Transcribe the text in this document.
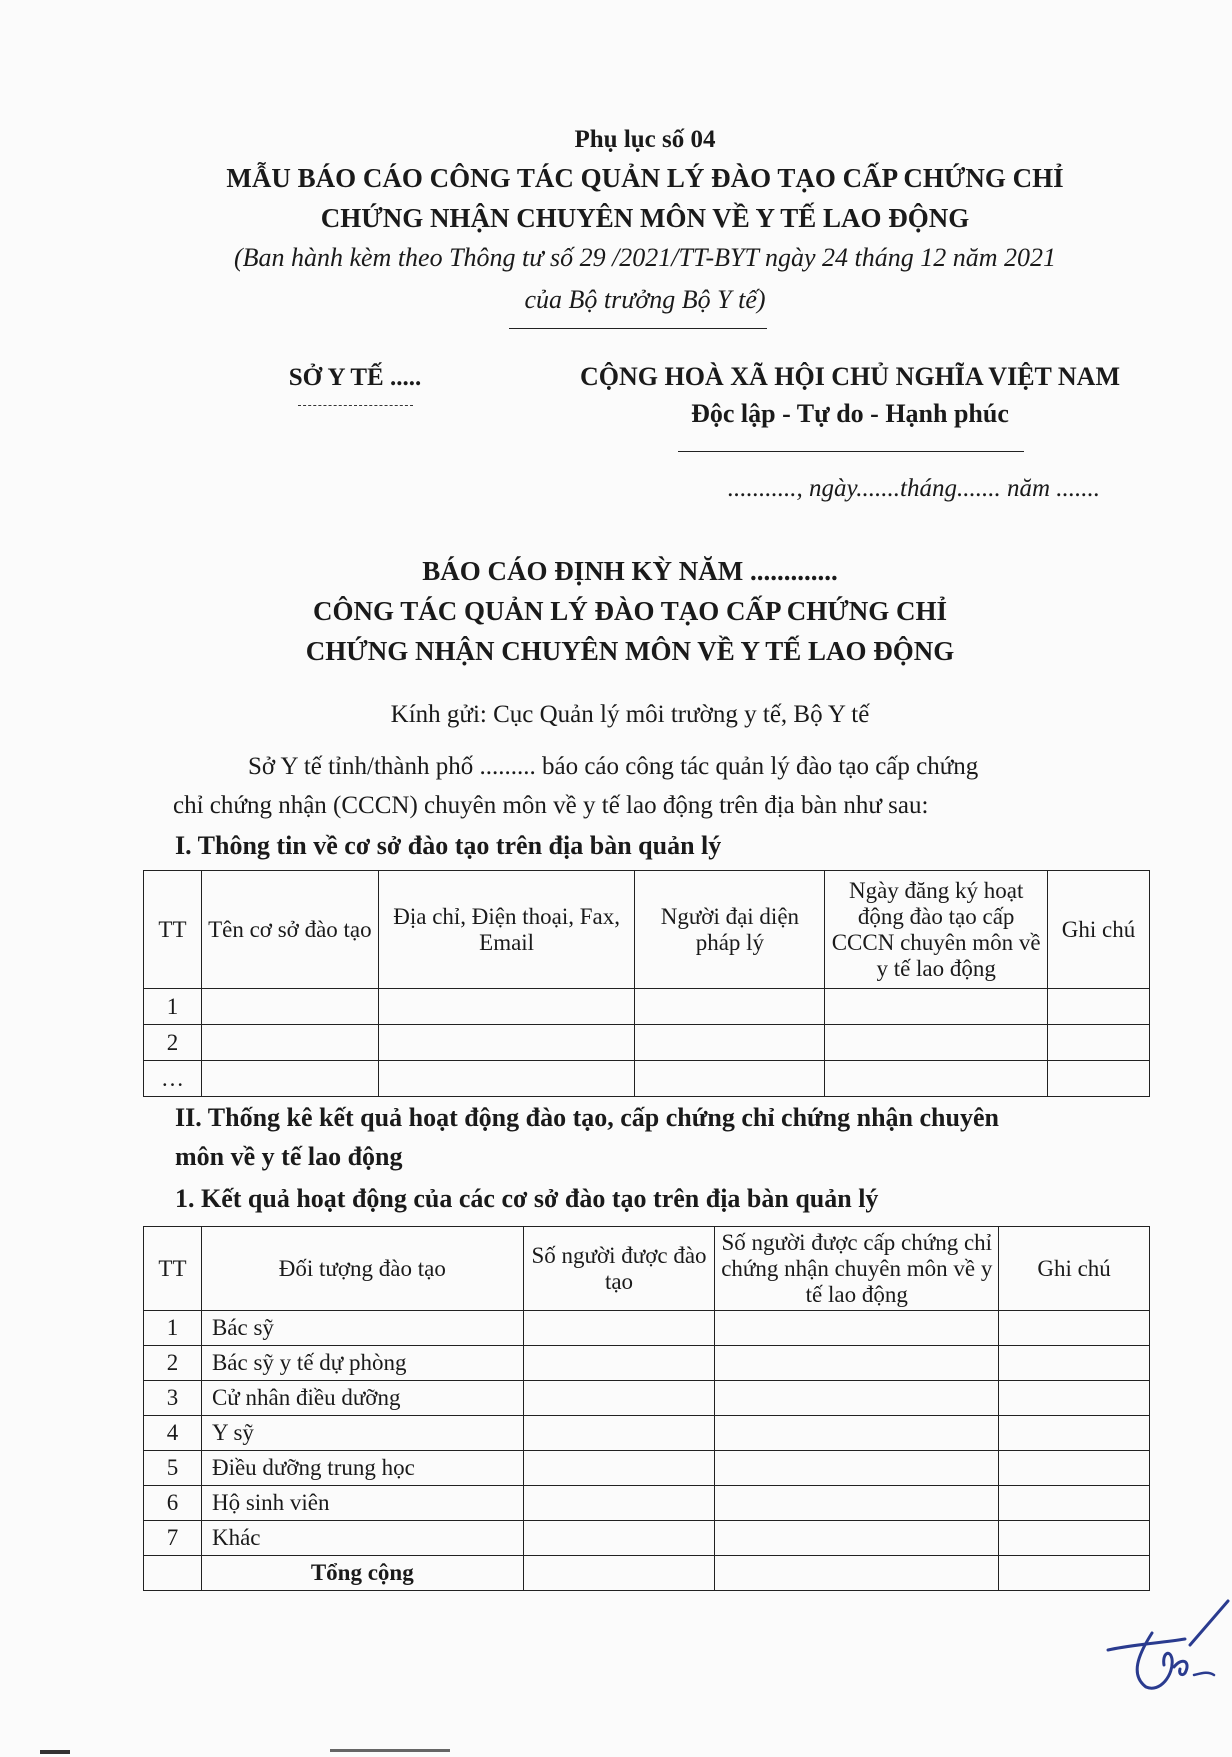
Phụ lục số 04
MẪU BÁO CÁO CÔNG TÁC QUẢN LÝ ĐÀO TẠO CẤP CHỨNG CHỈ
CHỨNG NHẬN CHUYÊN MÔN VỀ Y TẾ LAO ĐỘNG
(Ban hành kèm theo Thông tư số 29 /2021/TT-BYT ngày 24 tháng 12 năm 2021
của Bộ trưởng Bộ Y tế)
SỞ Y TẾ .....	CỘNG HOÀ XÃ HỘI CHỦ NGHĨA VIỆT NAM
Độc lập - Tự do - Hạnh phúc
..........., ngày.......tháng....... năm .......
BÁO CÁO ĐỊNH KỲ NĂM .............
CÔNG TÁC QUẢN LÝ ĐÀO TẠO CẤP CHỨNG CHỈ
CHỨNG NHẬN CHUYÊN MÔN VỀ Y TẾ LAO ĐỘNG
Kính gửi: Cục Quản lý môi trường y tế, Bộ Y tế
Sở Y tế tỉnh/thành phố ......... báo cáo công tác quản lý đào tạo cấp chứng
chỉ chứng nhận (CCCN) chuyên môn về y tế lao động trên địa bàn như sau:
I. Thông tin về cơ sở đào tạo trên địa bàn quản lý
TT	Tên cơ sở đào tạo	Địa chỉ, Điện thoại, Fax, Email	Người đại diện pháp lý	Ngày đăng ký hoạt động đào tạo cấp CCCN chuyên môn về y tế lao động	Ghi chú
1					
2					
…					
II. Thống kê kết quả hoạt động đào tạo, cấp chứng chỉ chứng nhận chuyên
môn về y tế lao động
1. Kết quả hoạt động của các cơ sở đào tạo trên địa bàn quản lý
TT	Đối tượng đào tạo	Số người được đào tạo	Số người được cấp chứng chỉ chứng nhận chuyên môn về y tế lao động	Ghi chú
1	Bác sỹ			
2	Bác sỹ y tế dự phòng			
3	Cử nhân điều dưỡng			
4	Y sỹ			
5	Điều dưỡng trung học			
6	Hộ sinh viên			
7	Khác			
	Tổng cộng			
